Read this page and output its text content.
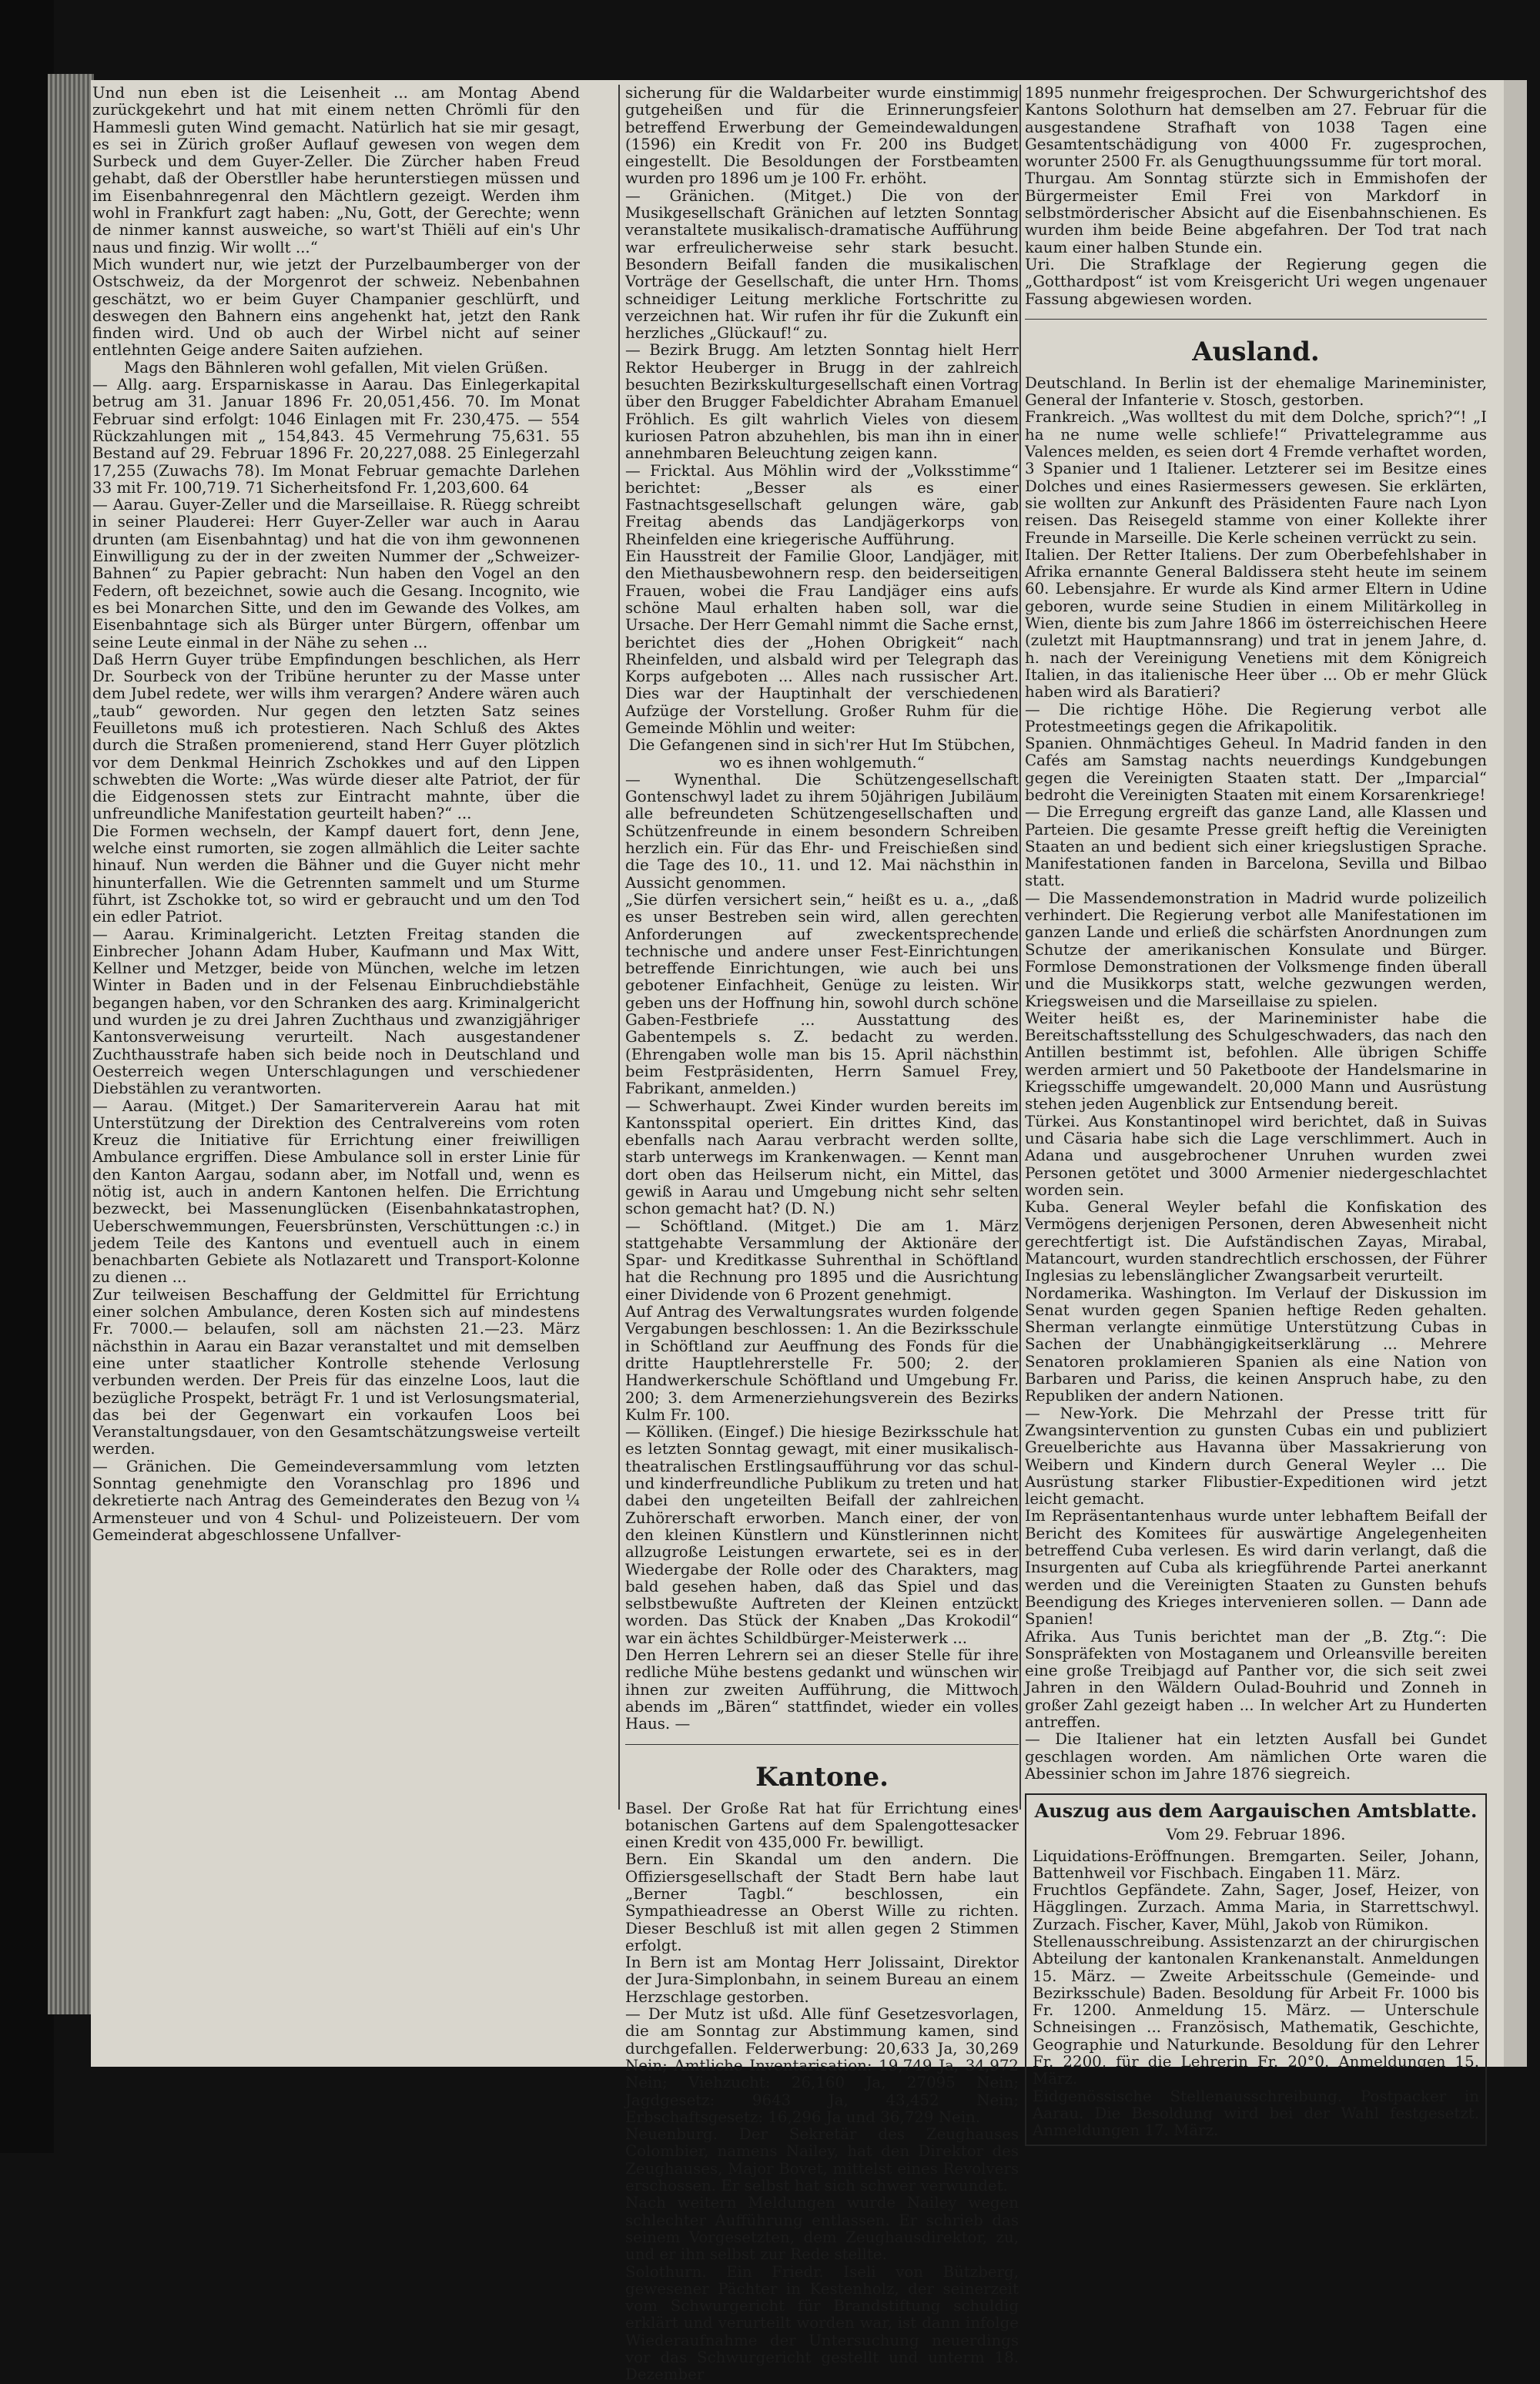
Und nun eben ist die Leisenheit ... am Montag Abend zurückgekehrt und hat mit einem netten Chrömli für den Hammesli guten Wind gemacht. Natürlich hat sie mir gesagt, es sei in Zürich großer Auflauf gewesen von wegen dem Surbeck und dem Guyer-Zeller. Die Zürcher haben Freud gehabt, daß der Oberstller habe herunterstiegen müssen und im Eisenbahnregenral den Mächtlern gezeigt. Werden ihm wohl in Frankfurt zagt haben: „Nu, Gott, der Gerechte; wenn de ninmer kannst ausweiche, so wart'st Thiëli auf ein's Uhr naus und finzig. Wir wollt ...“

Mich wundert nur, wie jetzt der Purzelbaumberger von der Ostschweiz, da der Morgenrot der schweiz. Nebenbahnen geschätzt, wo er beim Guyer Champanier geschlürft, und deswegen den Bahnern eins angehenkt hat, jetzt den Rank finden wird. Und ob auch der Wirbel nicht auf seiner entlehnten Geige andere Saiten aufziehen.

Mags den Bähnleren wohl gefallen, Mit vielen Grüßen.

— Allg. aarg. Ersparniskasse in Aarau. Das Einlegerkapital betrug am 31. Januar 1896 Fr. 20,051,456. 70. Im Monat Februar sind erfolgt: 1046 Einlagen mit Fr. 230,475. — 554 Rückzahlungen mit „ 154,843. 45 Vermehrung 75,631. 55 Bestand auf 29. Februar 1896 Fr. 20,227,088. 25 Einlegerzahl 17,255 (Zuwachs 78). Im Monat Februar gemachte Darlehen 33 mit Fr. 100,719. 71 Sicherheitsfond Fr. 1,203,600. 64

— Aarau. Guyer-Zeller und die Marseillaise. R. Rüegg schreibt in seiner Plauderei: Herr Guyer-Zeller war auch in Aarau drunten (am Eisenbahntag) und hat die von ihm gewonnenen Einwilligung zu der in der zweiten Nummer der „Schweizer-Bahnen“ zu Papier gebracht: Nun haben den Vogel an den Federn, oft bezeichnet, sowie auch die Gesang. Incognito, wie es bei Monarchen Sitte, und den im Gewande des Volkes, am Eisenbahntage sich als Bürger unter Bürgern, offenbar um seine Leute einmal in der Nähe zu sehen ...

Daß Herrn Guyer trübe Empfindungen beschlichen, als Herr Dr. Sourbeck von der Tribüne herunter zu der Masse unter dem Jubel redete, wer wills ihm verargen? Andere wären auch „taub“ geworden. Nur gegen den letzten Satz seines Feuilletons muß ich protestieren. Nach Schluß des Aktes durch die Straßen promenierend, stand Herr Guyer plötzlich vor dem Denkmal Heinrich Zschokkes und auf den Lippen schwebten die Worte: „Was würde dieser alte Patriot, der für die Eidgenossen stets zur Eintracht mahnte, über die unfreundliche Manifestation geurteilt haben?“ ...

Die Formen wechseln, der Kampf dauert fort, denn Jene, welche einst rumorten, sie zogen allmählich die Leiter sachte hinauf. Nun werden die Bähner und die Guyer nicht mehr hinunterfallen. Wie die Getrennten sammelt und um Sturme führt, ist Zschokke tot, so wird er gebraucht und um den Tod ein edler Patriot.

— Aarau. Kriminalgericht. Letzten Freitag standen die Einbrecher Johann Adam Huber, Kaufmann und Max Witt, Kellner und Metzger, beide von München, welche im letzen Winter in Baden und in der Felsenau Einbruchdiebstähle begangen haben, vor den Schranken des aarg. Kriminalgericht und wurden je zu drei Jahren Zuchthaus und zwanzigjähriger Kantonsverweisung verurteilt. Nach ausgestandener Zuchthausstrafe haben sich beide noch in Deutschland und Oesterreich wegen Unterschlagungen und verschiedener Diebstählen zu verantworten.

— Aarau. (Mitget.) Der Samariterverein Aarau hat mit Unterstützung der Direktion des Centralvereins vom roten Kreuz die Initiative für Errichtung einer freiwilligen Ambulance ergriffen. Diese Ambulance soll in erster Linie für den Kanton Aargau, sodann aber, im Notfall und, wenn es nötig ist, auch in andern Kantonen helfen. Die Errichtung bezweckt, bei Massenunglücken (Eisenbahnkatastrophen, Ueberschwemmungen, Feuersbrünsten, Verschüttungen :c.) in jedem Teile des Kantons und eventuell auch in einem benachbarten Gebiete als Notlazarett und Transport-Kolonne zu dienen ...

Zur teilweisen Beschaffung der Geldmittel für Errichtung einer solchen Ambulance, deren Kosten sich auf mindestens Fr. 7000.— belaufen, soll am nächsten 21.—23. März nächsthin in Aarau ein Bazar veranstaltet und mit demselben eine unter staatlicher Kontrolle stehende Verlosung verbunden werden. Der Preis für das einzelne Loos, laut die bezügliche Prospekt, beträgt Fr. 1 und ist Verlosungsmaterial, das bei der Gegenwart ein vorkaufen Loos bei Veranstaltungsdauer, von den Gesamtschätzungsweise verteilt werden.

— Gränichen. Die Gemeindeversammlung vom letzten Sonntag genehmigte den Voranschlag pro 1896 und dekretierte nach Antrag des Gemeinderates den Bezug von ¼ Armensteuer und von 4 Schul- und Polizeisteuern. Der vom Gemeinderat abgeschlossene Unfallver-

sicherung für die Waldarbeiter wurde einstimmig gutgeheißen und für die Erinnerungsfeier betreffend Erwerbung der Gemeindewaldungen (1596) ein Kredit von Fr. 200 ins Budget eingestellt. Die Besoldungen der Forstbeamten wurden pro 1896 um je 100 Fr. erhöht.

— Gränichen. (Mitget.) Die von der Musikgesellschaft Gränichen auf letzten Sonntag veranstaltete musikalisch-dramatische Aufführung war erfreulicherweise sehr stark besucht. Besondern Beifall fanden die musikalischen Vorträge der Gesellschaft, die unter Hrn. Thoms schneidiger Leitung merkliche Fortschritte zu verzeichnen hat. Wir rufen ihr für die Zukunft ein herzliches „Glückauf!“ zu.

— Bezirk Brugg. Am letzten Sonntag hielt Herr Rektor Heuberger in Brugg in der zahlreich besuchten Bezirkskulturgesellschaft einen Vortrag über den Brugger Fabeldichter Abraham Emanuel Fröhlich. Es gilt wahrlich Vieles von diesem kuriosen Patron abzuhehlen, bis man ihn in einer annehmbaren Beleuchtung zeigen kann.

— Fricktal. Aus Möhlin wird der „Volksstimme“ berichtet: „Besser als es einer Fastnachtsgesellschaft gelungen wäre, gab Freitag abends das Landjägerkorps von Rheinfelden eine kriegerische Aufführung.

Ein Hausstreit der Familie Gloor, Landjäger, mit den Miethausbewohnern resp. den beiderseitigen Frauen, wobei die Frau Landjäger eins aufs schöne Maul erhalten haben soll, war die Ursache. Der Herr Gemahl nimmt die Sache ernst, berichtet dies der „Hohen Obrigkeit“ nach Rheinfelden, und alsbald wird per Telegraph das Korps aufgeboten ... Alles nach russischer Art. Dies war der Hauptinhalt der verschiedenen Aufzüge der Vorstellung. Großer Ruhm für die Gemeinde Möhlin und weiter:

Die Gefangenen sind in sich'rer Hut Im Stübchen, wo es ihnen wohlgemuth.“

— Wynenthal. Die Schützengesellschaft Gontenschwyl ladet zu ihrem 50jährigen Jubiläum alle befreundeten Schützengesellschaften und Schützenfreunde in einem besondern Schreiben herzlich ein. Für das Ehr- und Freischießen sind die Tage des 10., 11. und 12. Mai nächsthin in Aussicht genommen.

„Sie dürfen versichert sein,“ heißt es u. a., „daß es unser Bestreben sein wird, allen gerechten Anforderungen auf zweckentsprechende technische und andere unser Fest-Einrichtungen betreffende Einrichtungen, wie auch bei uns gebotener Einfachheit, Genüge zu leisten. Wir geben uns der Hoffnung hin, sowohl durch schöne Gaben-Festbriefe ... Ausstattung des Gabentempels s. Z. bedacht zu werden. (Ehrengaben wolle man bis 15. April nächsthin beim Festpräsidenten, Herrn Samuel Frey, Fabrikant, anmelden.)

— Schwerhaupt. Zwei Kinder wurden bereits im Kantonsspital operiert. Ein drittes Kind, das ebenfalls nach Aarau verbracht werden sollte, starb unterwegs im Krankenwagen. — Kennt man dort oben das Heilserum nicht, ein Mittel, das gewiß in Aarau und Umgebung nicht sehr selten schon gemacht hat? (D. N.)

— Schöftland. (Mitget.) Die am 1. März stattgehabte Versammlung der Aktionäre der Spar- und Kreditkasse Suhrenthal in Schöftland hat die Rechnung pro 1895 und die Ausrichtung einer Dividende von 6 Prozent genehmigt.

Auf Antrag des Verwaltungsrates wurden folgende Vergabungen beschlossen: 1. An die Bezirksschule in Schöftland zur Aeuffnung des Fonds für die dritte Hauptlehrerstelle Fr. 500; 2. der Handwerkerschule Schöftland und Umgebung Fr. 200; 3. dem Armenerziehungsverein des Bezirks Kulm Fr. 100.

— Kölliken. (Eingef.) Die hiesige Bezirksschule hat es letzten Sonntag gewagt, mit einer musikalisch-theatralischen Erstlingsaufführung vor das schul- und kinderfreundliche Publikum zu treten und hat dabei den ungeteilten Beifall der zahlreichen Zuhörerschaft erworben. Manch einer, der von den kleinen Künstlern und Künstlerinnen nicht allzugroße Leistungen erwartete, sei es in der Wiedergabe der Rolle oder des Charakters, mag bald gesehen haben, daß das Spiel und das selbstbewußte Auftreten der Kleinen entzückt worden. Das Stück der Knaben „Das Krokodil“ war ein ächtes Schildbürger-Meisterwerk ...

Den Herren Lehrern sei an dieser Stelle für ihre redliche Mühe bestens gedankt und wünschen wir ihnen zur zweiten Aufführung, die Mittwoch abends im „Bären“ stattfindet, wieder ein volles Haus. —

Kantone.

Basel. Der Große Rat hat für Errichtung eines botanischen Gartens auf dem Spalengottesacker einen Kredit von 435,000 Fr. bewilligt.

Bern. Ein Skandal um den andern. Die Offiziersgesellschaft der Stadt Bern habe laut „Berner Tagbl.“ beschlossen, ein Sympathieadresse an Oberst Wille zu richten. Dieser Beschluß ist mit allen gegen 2 Stimmen erfolgt.

In Bern ist am Montag Herr Jolissaint, Direktor der Jura-Simplonbahn, in seinem Bureau an einem Herzschlage gestorben.

— Der Mutz ist ußd. Alle fünf Gesetzesvorlagen, die am Sonntag zur Abstimmung kamen, sind durchgefallen. Felderwerbung: 20,633 Ja, 30,269 Nein; Amtliche Inventarisation: 19,749 Ja, 34,972 Nein; Viehzucht: 26,160 Ja, 27095 Nein; Jagdgesetz: 9643 Ja, 43,452 Nein; Erbschaftsgesetz: 16,296 Ja und 36,729 Nein.

Neuenburg. Der Sekretär des Zeughauses Colombier, namens Nailey, hat den Direktor des Zeughauses, Major Bovet, mittelst eines Revolvers erschossen. Er selbst hat sich schwer verwundet.

Nach weitern Meldungen wurde Nailey wegen schlechter Aufführung entlassen. Er schrieb das seinem Vorgesetzten, dem Zeughausdirektor, zu, und er ihn selbst zur Rede stellte.

Solothurn. Ein Friedr. Iseli von Bützberg, gewesener Pächter in Kestenholz, der seinerzeit vom Schwurgericht für Brandstiftung schuldig erklärt und verurteilt worden war, ist dann infolge Wiederaufnahme der Untersuchung neuerdings vor das Schwurgericht gestellt und unterm 18. Dezember

1895 nunmehr freigesprochen. Der Schwurgerichtshof des Kantons Solothurn hat demselben am 27. Februar für die ausgestandene Strafhaft von 1038 Tagen eine Gesamtentschädigung von 4000 Fr. zugesprochen, worunter 2500 Fr. als Genugthuungssumme für tort moral.

Thurgau. Am Sonntag stürzte sich in Emmishofen der Bürgermeister Emil Frei von Markdorf in selbstmörderischer Absicht auf die Eisenbahnschienen. Es wurden ihm beide Beine abgefahren. Der Tod trat nach kaum einer halben Stunde ein.

Uri. Die Strafklage der Regierung gegen die „Gotthardpost“ ist vom Kreisgericht Uri wegen ungenauer Fassung abgewiesen worden.

Ausland.

Deutschland. In Berlin ist der ehemalige Marineminister, General der Infanterie v. Stosch, gestorben.

Frankreich. „Was wolltest du mit dem Dolche, sprich?“! „I ha ne nume welle schliefe!“ Privattelegramme aus Valences melden, es seien dort 4 Fremde verhaftet worden, 3 Spanier und 1 Italiener. Letzterer sei im Besitze eines Dolches und eines Rasiermessers gewesen. Sie erklärten, sie wollten zur Ankunft des Präsidenten Faure nach Lyon reisen. Das Reisegeld stamme von einer Kollekte ihrer Freunde in Marseille. Die Kerle scheinen verrückt zu sein.

Italien. Der Retter Italiens. Der zum Oberbefehlshaber in Afrika ernannte General Baldissera steht heute im seinem 60. Lebensjahre. Er wurde als Kind armer Eltern in Udine geboren, wurde seine Studien in einem Militärkolleg in Wien, diente bis zum Jahre 1866 im österreichischen Heere (zuletzt mit Hauptmannsrang) und trat in jenem Jahre, d. h. nach der Vereinigung Venetiens mit dem Königreich Italien, in das italienische Heer über ... Ob er mehr Glück haben wird als Baratieri?

— Die richtige Höhe. Die Regierung verbot alle Protestmeetings gegen die Afrikapolitik.

Spanien. Ohnmächtiges Geheul. In Madrid fanden in den Cafés am Samstag nachts neuerdings Kundgebungen gegen die Vereinigten Staaten statt. Der „Imparcial“ bedroht die Vereinigten Staaten mit einem Korsarenkriege!

— Die Erregung ergreift das ganze Land, alle Klassen und Parteien. Die gesamte Presse greift heftig die Vereinigten Staaten an und bedient sich einer kriegslustigen Sprache. Manifestationen fanden in Barcelona, Sevilla und Bilbao statt.

— Die Massendemonstration in Madrid wurde polizeilich verhindert. Die Regierung verbot alle Manifestationen im ganzen Lande und erließ die schärfsten Anordnungen zum Schutze der amerikanischen Konsulate und Bürger. Formlose Demonstrationen der Volksmenge finden überall und die Musikkorps statt, welche gezwungen werden, Kriegsweisen und die Marseillaise zu spielen.

Weiter heißt es, der Marineminister habe die Bereitschaftsstellung des Schulgeschwaders, das nach den Antillen bestimmt ist, befohlen. Alle übrigen Schiffe werden armiert und 50 Paketboote der Handelsmarine in Kriegsschiffe umgewandelt. 20,000 Mann und Ausrüstung stehen jeden Augenblick zur Entsendung bereit.

Türkei. Aus Konstantinopel wird berichtet, daß in Suivas und Cäsaria habe sich die Lage verschlimmert. Auch in Adana und ausgebrochener Unruhen wurden zwei Personen getötet und 3000 Armenier niedergeschlachtet worden sein.

Kuba. General Weyler befahl die Konfiskation des Vermögens derjenigen Personen, deren Abwesenheit nicht gerechtfertigt ist. Die Aufständischen Zayas, Mirabal, Matancourt, wurden standrechtlich erschossen, der Führer Inglesias zu lebenslänglicher Zwangsarbeit verurteilt.

Nordamerika. Washington. Im Verlauf der Diskussion im Senat wurden gegen Spanien heftige Reden gehalten. Sherman verlangte einmütige Unterstützung Cubas in Sachen der Unabhängigkeitserklärung ... Mehrere Senatoren proklamieren Spanien als eine Nation von Barbaren und Pariss, die keinen Anspruch habe, zu den Republiken der andern Nationen.

— New-York. Die Mehrzahl der Presse tritt für Zwangsintervention zu gunsten Cubas ein und publiziert Greuelberichte aus Havanna über Massakrierung von Weibern und Kindern durch General Weyler ... Die Ausrüstung starker Flibustier-Expeditionen wird jetzt leicht gemacht.

Im Repräsentantenhaus wurde unter lebhaftem Beifall der Bericht des Komitees für auswärtige Angelegenheiten betreffend Cuba verlesen. Es wird darin verlangt, daß die Insurgenten auf Cuba als kriegführende Partei anerkannt werden und die Vereinigten Staaten zu Gunsten behufs Beendigung des Krieges intervenieren sollen. — Dann ade Spanien!

Afrika. Aus Tunis berichtet man der „B. Ztg.“: Die Sonspräfekten von Mostaganem und Orleansville bereiten eine große Treibjagd auf Panther vor, die sich seit zwei Jahren in den Wäldern Oulad-Bouhrid und Zonneh in großer Zahl gezeigt haben ... In welcher Art zu Hunderten antreffen.

— Die Italiener hat ein letzten Ausfall bei Gundet geschlagen worden. Am nämlichen Orte waren die Abessinier schon im Jahre 1876 siegreich.

Auszug aus dem Aargauischen Amtsblatte.
Vom 29. Februar 1896.

Liquidations-Eröffnungen. Bremgarten. Seiler, Johann, Battenhweil vor Fischbach. Eingaben 11. März.

Fruchtlos Gepfändete. Zahn, Sager, Josef, Heizer, von Hägglingen. Zurzach. Amma Maria, in Starrettschwyl. Zurzach. Fischer, Kaver, Mühl, Jakob von Rümikon.

Stellenausschreibung. Assistenzarzt an der chirurgischen Abteilung der kantonalen Krankenanstalt. Anmeldungen 15. März. — Zweite Arbeitsschule (Gemeinde- und Bezirksschule) Baden. Besoldung für Arbeit Fr. 1000 bis Fr. 1200. Anmeldung 15. März. — Unterschule Schneisingen ... Französisch, Mathematik, Geschichte, Geographie und Naturkunde. Besoldung für den Lehrer Fr. 2200, für die Lehrerin Fr. 20°0. Anmeldungen 15. März.

Eidgenössische Stellenausschreibung. Postpacker in Aarau. Die Besoldung wird bei der Wahl festgesetzt. Anmeldungen 17. März.
